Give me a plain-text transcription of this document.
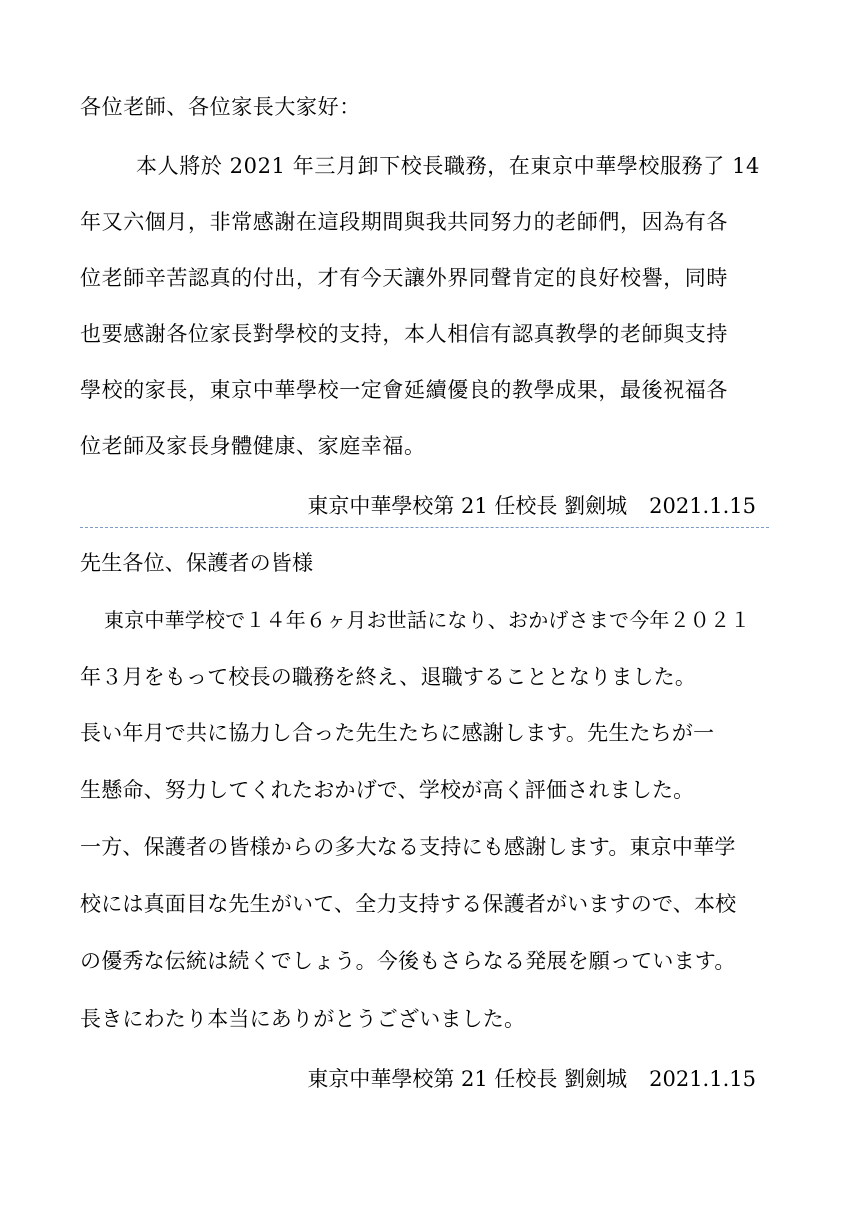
各位老師、各位家長大家好：
本人將於 2021 年三月卸下校長職務，在東京中華學校服務了 14
年又六個月，非常感謝在這段期間與我共同努力的老師們，因為有各
位老師辛苦認真的付出，才有今天讓外界同聲肯定的良好校譽，同時
也要感謝各位家長對學校的支持，本人相信有認真教學的老師與支持
學校的家長，東京中華學校一定會延續優良的教學成果，最後祝福各
位老師及家長身體健康、家庭幸福。
東京中華學校第 21 任校長 劉劍城 2021.1.15
先生各位、保護者の皆様
東京中華学校で１４年６ヶ月お世話になり、おかげさまで今年２０２１
年３月をもって校長の職務を終え、退職することとなりました。
長い年月で共に協力し合った先生たちに感謝します。先生たちが一
生懸命、努力してくれたおかげで、学校が高く評価されました。
一方、保護者の皆様からの多大なる支持にも感謝します。東京中華学
校には真面目な先生がいて、全力支持する保護者がいますので、本校
の優秀な伝統は続くでしょう。今後もさらなる発展を願っています。
長きにわたり本当にありがとうございました。
東京中華學校第 21 任校長 劉劍城 2021.1.15
